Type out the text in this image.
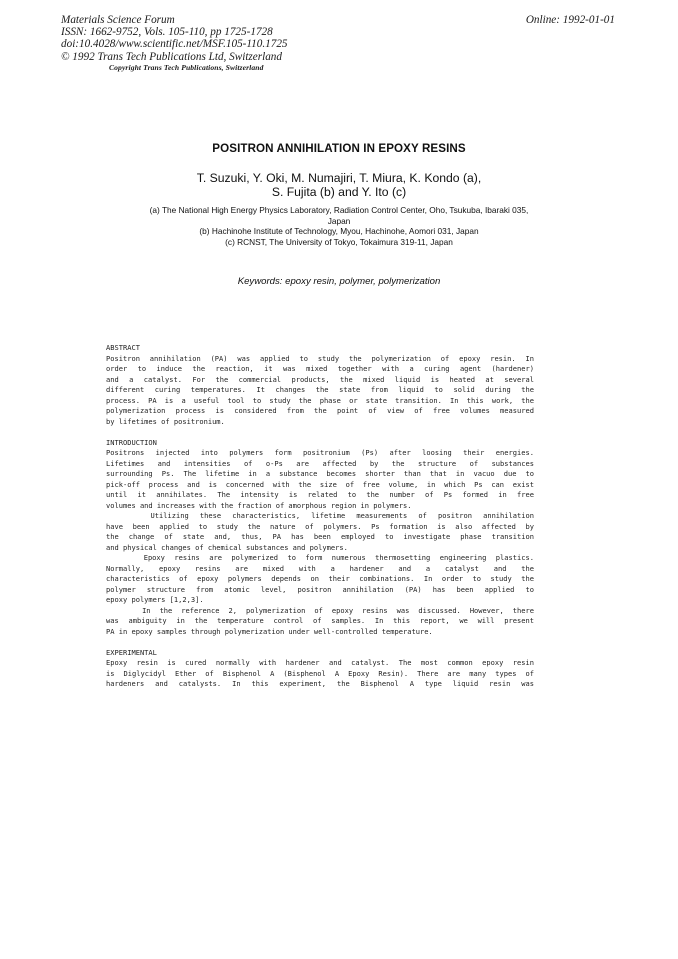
Materials Science Forum
ISSN: 1662-9752, Vols. 105-110, pp 1725-1728
doi:10.4028/www.scientific.net/MSF.105-110.1725
© 1992 Trans Tech Publications Ltd, Switzerland
Copyright Trans Tech Publications, Switzerland
Online: 1992-01-01
POSITRON ANNIHILATION IN EPOXY RESINS
T. Suzuki, Y. Oki, M. Numajiri, T. Miura, K. Kondo (a),
S. Fujita (b) and Y. Ito (c)
(a) The National High Energy Physics Laboratory, Radiation Control Center, Oho, Tsukuba, Ibaraki 035,
Japan
(b) Hachinohe Institute of Technology, Myou, Hachinohe, Aomori 031, Japan
(c) RCNST, The University of Tokyo, Tokaimura 319-11, Japan
Keywords: epoxy resin, polymer, polymerization
ABSTRACT
Positron annihilation (PA) was applied to study the polymerization of epoxy resin. In
order to induce the reaction, it was mixed together with a curing agent (hardener)
and a catalyst. For the commercial products, the mixed liquid is heated at several
different curing temperatures. It changes the state from liquid to solid during the
process. PA is a useful tool to study the phase or state transition. In this work, the
polymerization process is considered from the point of view of free volumes measured
by lifetimes of positronium.
INTRODUCTION
Positrons injected into polymers form positronium (Ps) after loosing their energies.
Lifetimes and intensities of o-Ps are affected by the structure of substances
surrounding Ps. The lifetime in a substance becomes shorter than that in vacuo due to
pick-off process and is concerned with the size of free volume, in which Ps can exist
until it annihilates. The intensity is related to the number of Ps formed in free
volumes and increases with the fraction of amorphous region in polymers.
Utilizing these characteristics, lifetime measurements of positron annihilation
have been applied to study the nature of polymers. Ps formation is also affected by
the change of state and, thus, PA has been employed to investigate phase transition
and physical changes of chemical substances and polymers.
Epoxy resins are polymerized to form numerous thermosetting engineering plastics.
Normally, epoxy resins are mixed with a hardener and a catalyst and the
characteristics of epoxy polymers depends on their combinations. In order to study the
polymer structure from atomic level, positron annihilation (PA) has been applied to
epoxy polymers [1,2,3].
In the reference 2, polymerization of epoxy resins was discussed. However, there
was ambiguity in the temperature control of samples. In this report, we will present
PA in epoxy samples through polymerization under well-controlled temperature.
EXPERIMENTAL
Epoxy resin is cured normally with hardener and catalyst. The most common epoxy resin
is Diglycidyl Ether of Bisphenol A (Bisphenol A Epoxy Resin). There are many types of
hardeners and catalysts. In this experiment, the Bisphenol A type liquid resin was
